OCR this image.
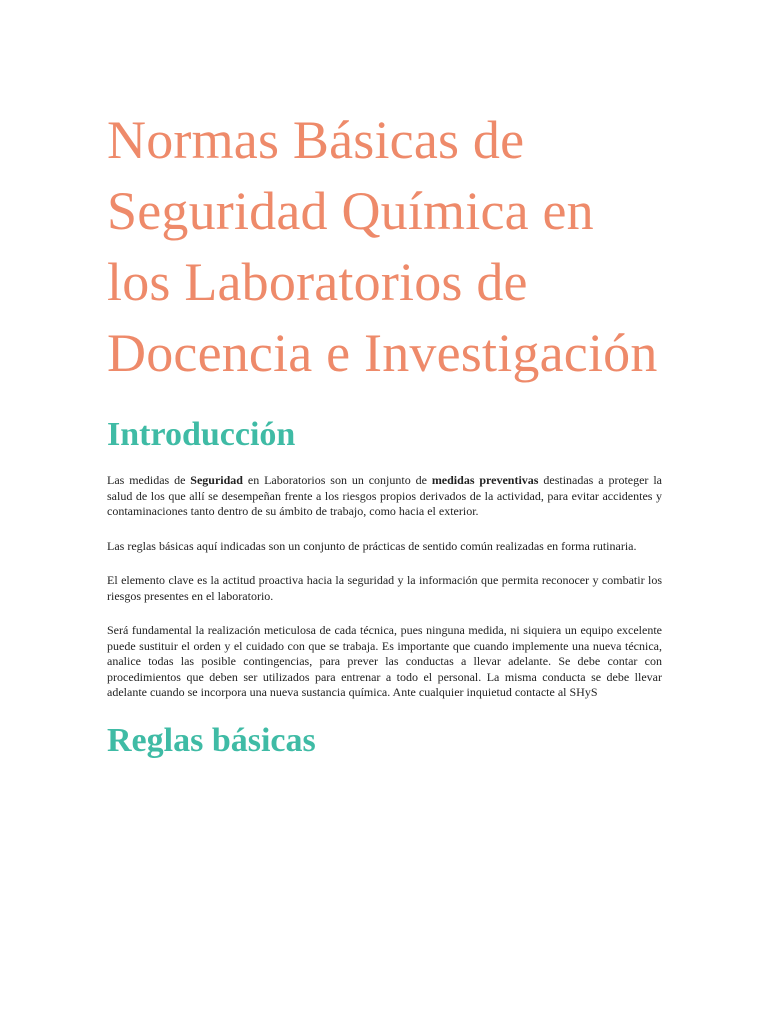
Normas Básicas de Seguridad Química en los Laboratorios de Docencia e Investigación
Introducción

Las medidas de Seguridad en Laboratorios son un conjunto de medidas preventivas destinadas a proteger la salud de los que allí se desempeñan frente a los riesgos propios derivados de la actividad, para evitar accidentes y contaminaciones tanto dentro de su ámbito de trabajo, como hacia el exterior.

Las reglas básicas aquí indicadas son un conjunto de prácticas de sentido común realizadas en forma rutinaria.

El elemento clave es la actitud proactiva hacia la seguridad y la información que permita reconocer y combatir los riesgos presentes en el laboratorio.

Será fundamental la realización meticulosa de cada técnica, pues ninguna medida, ni siquiera un equipo excelente puede sustituir el orden y el cuidado con que se trabaja. Es importante que cuando implemente una nueva técnica, analice todas las posible contingencias, para prever las conductas a llevar adelante. Se debe contar con procedimientos que deben ser utilizados para entrenar a todo el personal. La misma conducta se debe llevar adelante cuando se incorpora una nueva sustancia química. Ante cualquier inquietud contacte al SHyS

Reglas básicas
